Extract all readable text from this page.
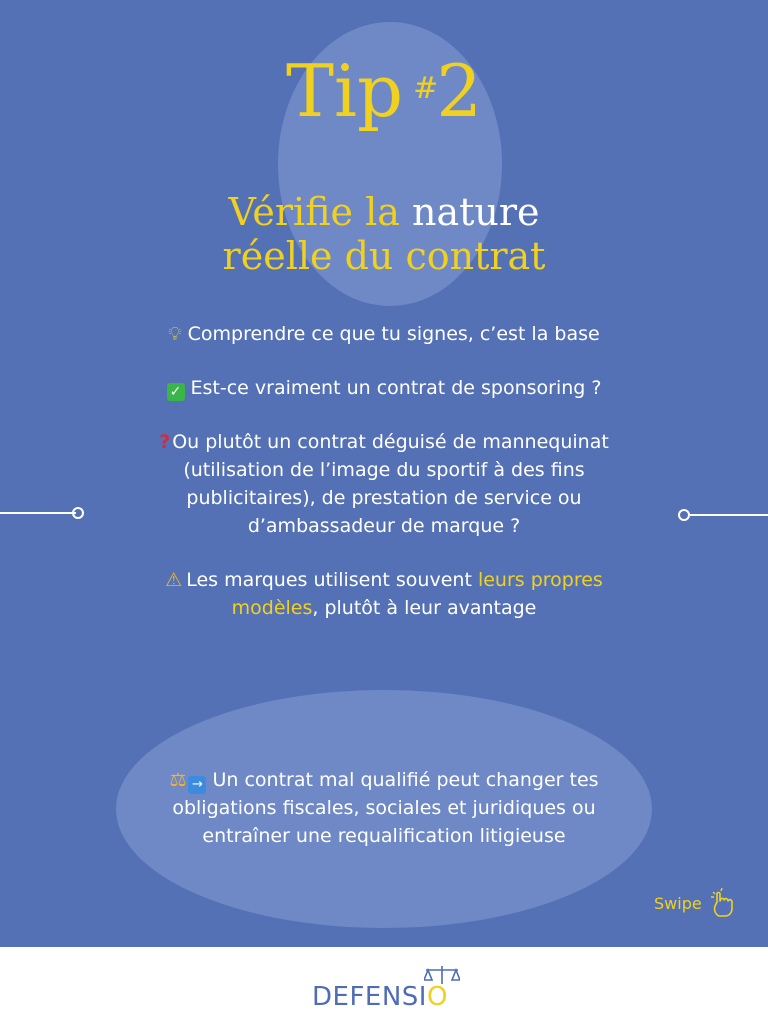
Tip #2
Vérifie la nature
réelle du contrat

💡︎ Comprendre ce que tu signes, c’est la base

✓ Est-ce vraiment un contrat de sponsoring ?

? Ou plutôt un contrat déguisé de mannequinat (utilisation de l’image du sportif à des fins publicitaires), de prestation de service ou d’ambassadeur de marque ?

⚠ Les marques utilisent souvent leurs propres modèles, plutôt à leur avantage

⚖ → Un contrat mal qualifié peut changer tes obligations fiscales, sociales et juridiques ou entraîner une requalification litigieuse
Swipe
DEFENSIO
